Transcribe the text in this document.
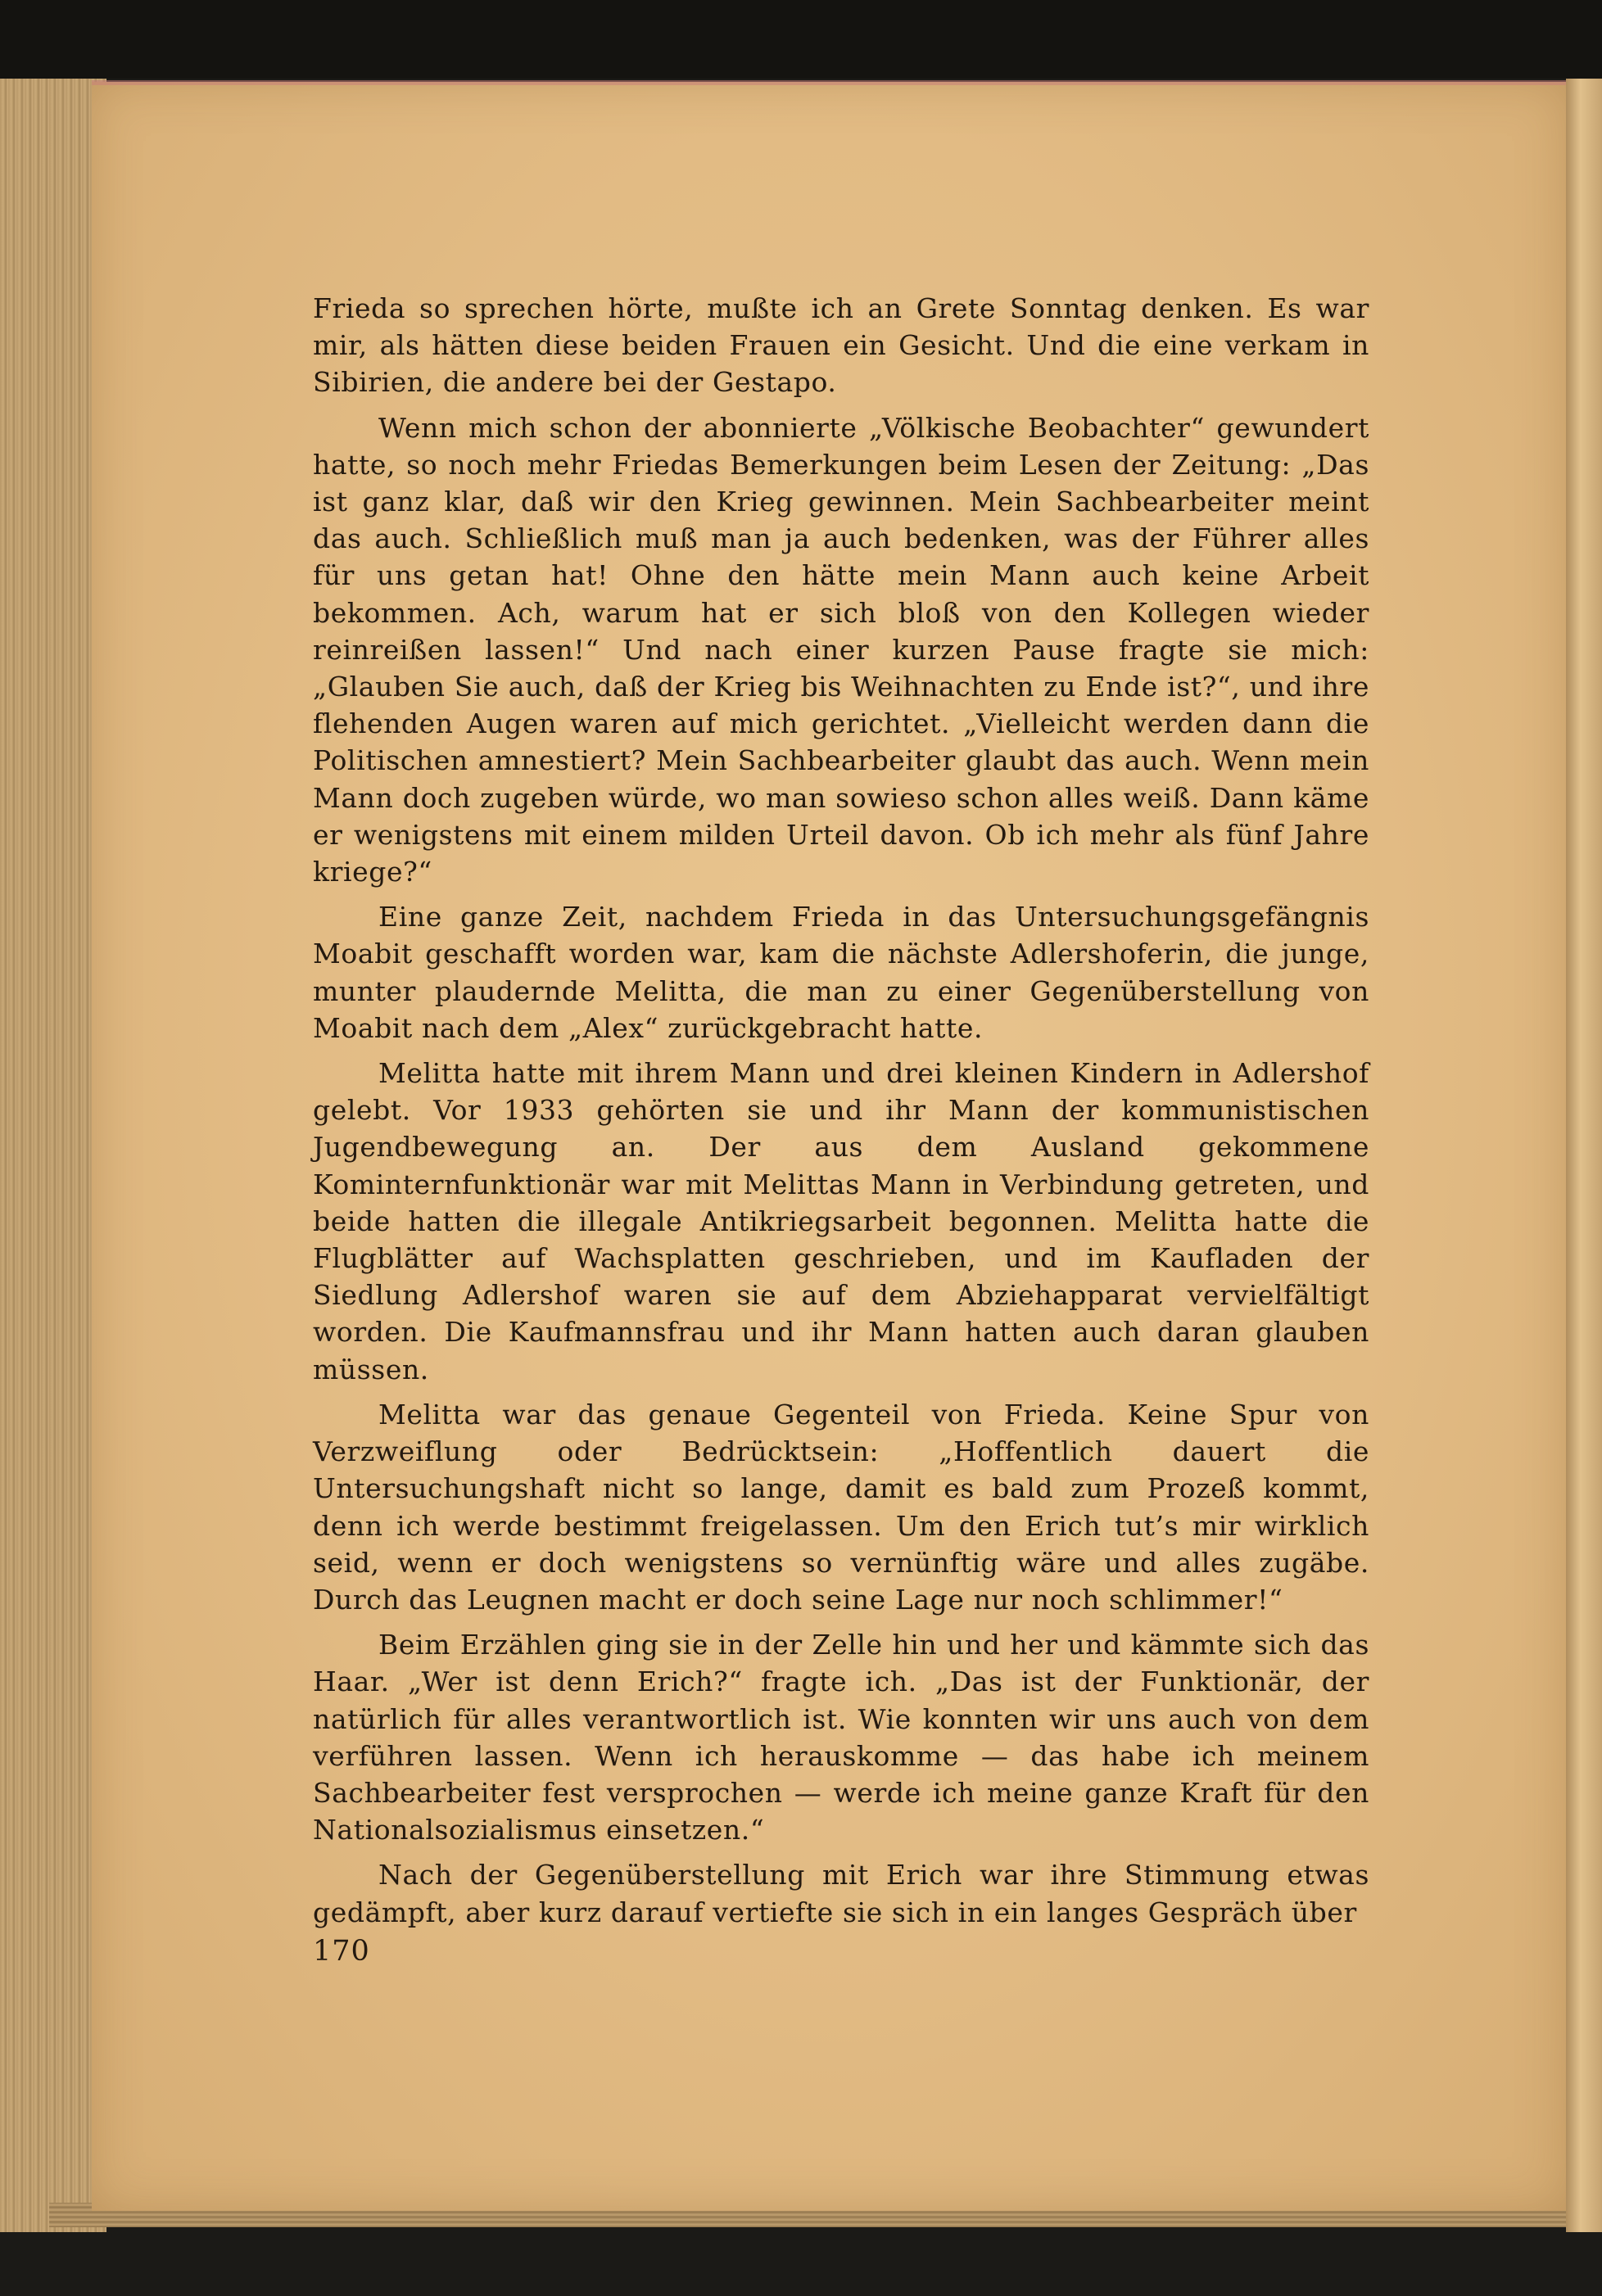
Frieda so sprechen hörte, mußte ich an Grete Sonntag denken. Es war mir, als hätten diese beiden Frauen ein Gesicht. Und die eine verkam in Sibirien, die andere bei der Gestapo.

Wenn mich schon der abonnierte „Völkische Beobachter“ gewundert hatte, so noch mehr Friedas Bemerkungen beim Lesen der Zeitung: „Das ist ganz klar, daß wir den Krieg gewinnen. Mein Sachbearbeiter meint das auch. Schließlich muß man ja auch bedenken, was der Führer alles für uns getan hat! Ohne den hätte mein Mann auch keine Arbeit bekommen. Ach, warum hat er sich bloß von den Kollegen wieder reinreißen lassen!“ Und nach einer kurzen Pause fragte sie mich: „Glauben Sie auch, daß der Krieg bis Weihnachten zu Ende ist?“, und ihre flehenden Augen waren auf mich gerichtet. „Vielleicht werden dann die Politischen amnestiert? Mein Sachbearbeiter glaubt das auch. Wenn mein Mann doch zugeben würde, wo man sowieso schon alles weiß. Dann käme er wenigstens mit einem milden Urteil davon. Ob ich mehr als fünf Jahre kriege?“

Eine ganze Zeit, nachdem Frieda in das Untersuchungsgefängnis Moabit geschafft worden war, kam die nächste Adlershoferin, die junge, munter plaudernde Melitta, die man zu einer Gegenüberstellung von Moabit nach dem „Alex“ zurückgebracht hatte.

Melitta hatte mit ihrem Mann und drei kleinen Kindern in Adlershof gelebt. Vor 1933 gehörten sie und ihr Mann der kommunistischen Jugendbewegung an. Der aus dem Ausland gekommene Kominternfunktionär war mit Melittas Mann in Verbindung getreten, und beide hatten die illegale Antikriegsarbeit begonnen. Melitta hatte die Flugblätter auf Wachsplatten geschrieben, und im Kaufladen der Siedlung Adlershof waren sie auf dem Abziehapparat vervielfältigt worden. Die Kaufmannsfrau und ihr Mann hatten auch daran glauben müssen.

Melitta war das genaue Gegenteil von Frieda. Keine Spur von Verzweiflung oder Bedrücktsein: „Hoffentlich dauert die Untersuchungshaft nicht so lange, damit es bald zum Prozeß kommt, denn ich werde bestimmt freigelassen. Um den Erich tut’s mir wirklich seid, wenn er doch wenigstens so vernünftig wäre und alles zugäbe. Durch das Leugnen macht er doch seine Lage nur noch schlimmer!“

Beim Erzählen ging sie in der Zelle hin und her und kämmte sich das Haar. „Wer ist denn Erich?“ fragte ich. „Das ist der Funktionär, der natürlich für alles verantwortlich ist. Wie konnten wir uns auch von dem verführen lassen. Wenn ich herauskomme — das habe ich meinem Sachbearbeiter fest versprochen — werde ich meine ganze Kraft für den Nationalsozialismus einsetzen.“

Nach der Gegenüberstellung mit Erich war ihre Stimmung etwas gedämpft, aber kurz darauf vertiefte sie sich in ein langes Gespräch über

170
